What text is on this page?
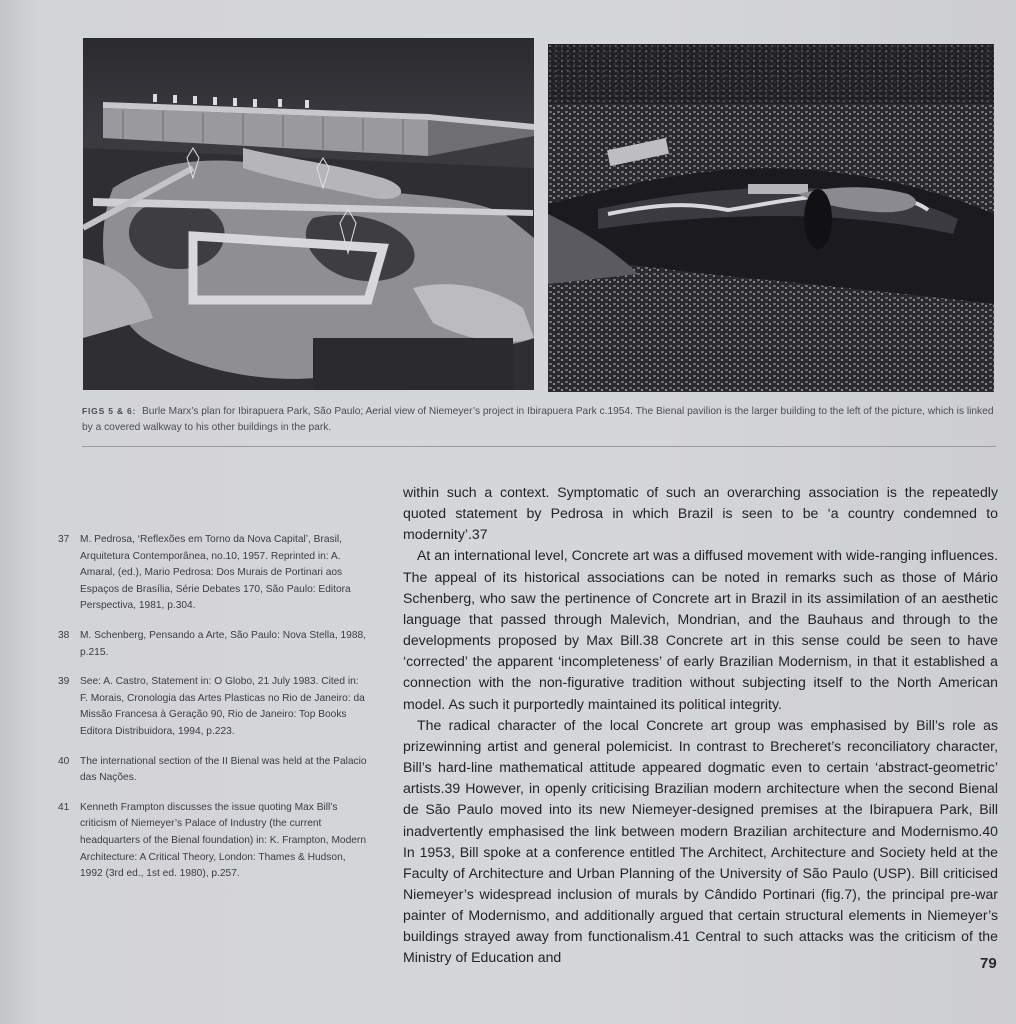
FIGS 5 & 6: Burle Marx’s plan for Ibirapuera Park, São Paulo; Aerial view of Niemeyer’s project in Ibirapuera Park c.1954. The Bienal pavilion is the larger building to the left of the picture, which is linked by a covered walkway to his other buildings in the park.
37	M. Pedrosa, ‘Reflexões em Torno da Nova Capital’, Brasil, Arquitetura Contemporânea, no.10, 1957. Reprinted in: A. Amaral, (ed.), Mario Pedrosa: Dos Murais de Portinari aos Espaços de Brasília, Série Debates 170, São Paulo: Editora Perspectiva, 1981, p.304.
38	M. Schenberg, Pensando a Arte, São Paulo: Nova Stella, 1988, p.215.
39	See: A. Castro, Statement in: O Globo, 21 July 1983. Cited in: F. Morais, Cronologia das Artes Plasticas no Rio de Janeiro: da Missão Francesa à Geração 90, Rio de Janeiro: Top Books Editora Distribuidora, 1994, p.223.
40	The international section of the II Bienal was held at the Palacio das Nações.
41	Kenneth Frampton discusses the issue quoting Max Bill’s criticism of Niemeyer’s Palace of Industry (the current headquarters of the Bienal foundation) in: K. Frampton, Modern Architecture: A Critical Theory, London: Thames & Hudson, 1992 (3rd ed., 1st ed. 1980), p.257.

within such a context. Symptomatic of such an overarching association is the repeatedly quoted statement by Pedrosa in which Brazil is seen to be ‘a country condemned to modernity’.37

At an international level, Concrete art was a diffused movement with wide-ranging influences. The appeal of its historical associations can be noted in remarks such as those of Mário Schenberg, who saw the pertinence of Concrete art in Brazil in its assimilation of an aesthetic language that passed through Malevich, Mondrian, and the Bauhaus and through to the developments proposed by Max Bill.38 Concrete art in this sense could be seen to have ‘corrected’ the apparent ‘incompleteness’ of early Brazilian Modernism, in that it established a connection with the non-figurative tradition without subjecting itself to the North American model. As such it purportedly maintained its political integrity.

The radical character of the local Concrete art group was emphasised by Bill’s role as prizewinning artist and general polemicist. In contrast to Brecheret’s reconciliatory character, Bill’s hard-line mathematical attitude appeared dogmatic even to certain ‘abstract-geometric’ artists.39 However, in openly criticising Brazilian modern architecture when the second Bienal de São Paulo moved into its new Niemeyer-designed premises at the Ibirapuera Park, Bill inadvertently emphasised the link between modern Brazilian architecture and Modernismo.40 In 1953, Bill spoke at a conference entitled The Architect, Architecture and Society held at the Faculty of Architecture and Urban Planning of the University of São Paulo (USP). Bill criticised Niemeyer’s widespread inclusion of murals by Cândido Portinari (fig.7), the principal pre-war painter of Modernismo, and additionally argued that certain structural elements in Niemeyer’s buildings strayed away from functionalism.41 Central to such attacks was the criticism of the Ministry of Education and	79
